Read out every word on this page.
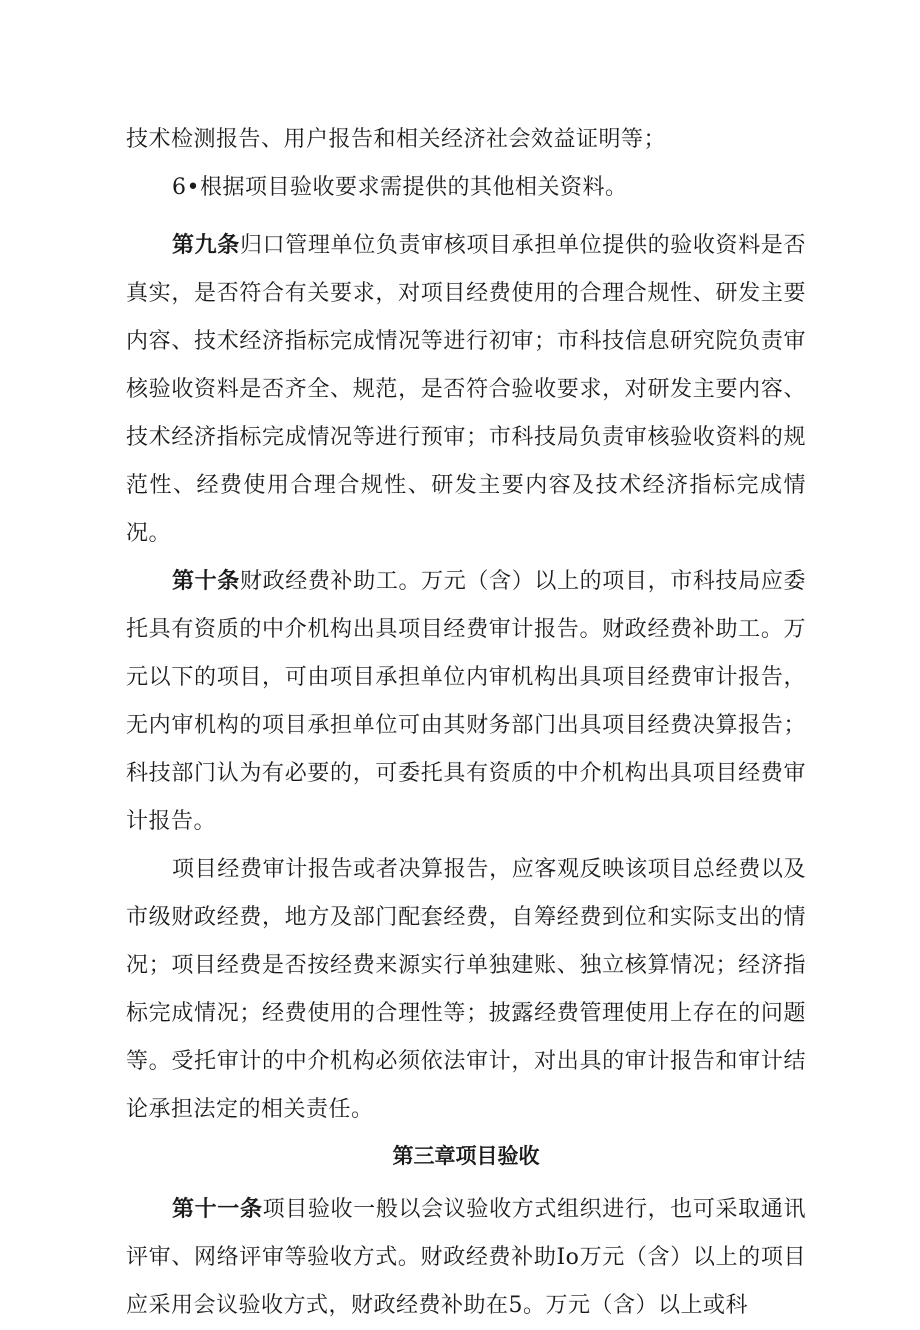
技术检测报告、用户报告和相关经济社会效益证明等；
6•根据项目验收要求需提供的其他相关资料。

第九条归口管理单位负责审核项目承担单位提供的验收资料是否真实，是否符合有关要求，对项目经费使用的合理合规性、研发主要内容、技术经济指标完成情况等进行初审；市科技信息研究院负责审核验收资料是否齐全、规范，是否符合验收要求，对研发主要内容、技术经济指标完成情况等进行预审；市科技局负责审核验收资料的规范性、经费使用合理合规性、研发主要内容及技术经济指标完成情况。

第十条财政经费补助工。万元（含）以上的项目，市科技局应委托具有资质的中介机构出具项目经费审计报告。财政经费补助工。万元以下的项目，可由项目承担单位内审机构出具项目经费审计报告，无内审机构的项目承担单位可由其财务部门出具项目经费决算报告；科技部门认为有必要的，可委托具有资质的中介机构出具项目经费审计报告。

项目经费审计报告或者决算报告，应客观反映该项目总经费以及市级财政经费，地方及部门配套经费，自筹经费到位和实际支出的情况；项目经费是否按经费来源实行单独建账、独立核算情况；经济指标完成情况；经费使用的合理性等；披露经费管理使用上存在的问题等。受托审计的中介机构必须依法审计，对出具的审计报告和审计结论承担法定的相关责任。

第三章项目验收

第十一条项目验收一般以会议验收方式组织进行，也可采取通讯评审、网络评审等验收方式。财政经费补助Io万元（含）以上的项目应采用会议验收方式，财政经费补助在5。万元（含）以上或科
